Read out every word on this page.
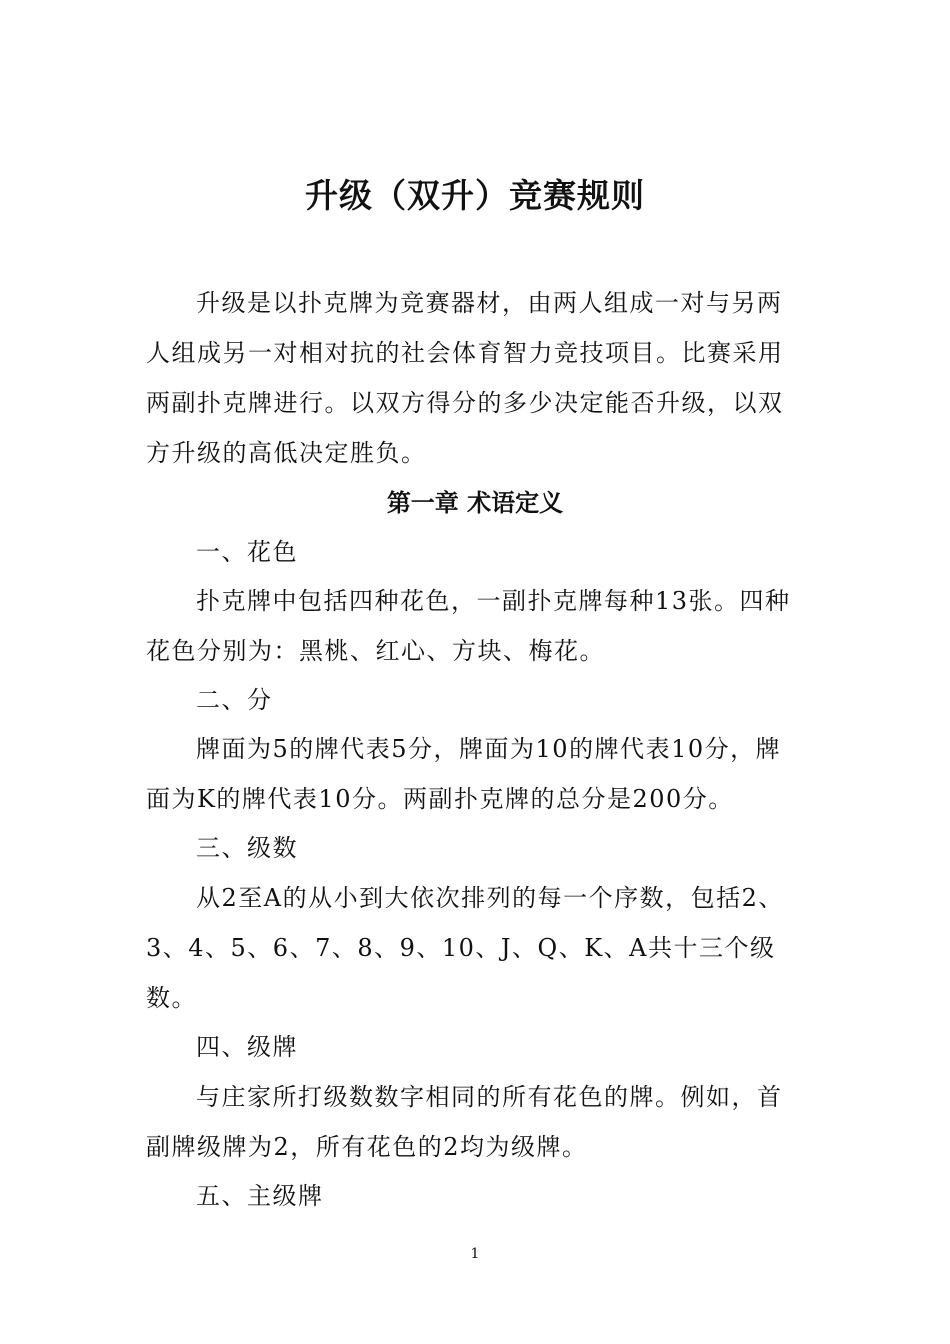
升级（双升）竞赛规则

升级是以扑克牌为竞赛器材，由两人组成一对与另两人组成另一对相对抗的社会体育智力竞技项目。比赛采用两副扑克牌进行。以双方得分的多少决定能否升级，以双方升级的高低决定胜负。

第一章 术语定义

一、花色

扑克牌中包括四种花色，一副扑克牌每种13张。四种花色分别为：黑桃、红心、方块、梅花。

二、分

牌面为5的牌代表5分，牌面为10的牌代表10分，牌面为K的牌代表10分。两副扑克牌的总分是200分。

三、级数

从2至A的从小到大依次排列的每一个序数，包括2、3、4、5、6、7、8、9、10、J、Q、K、A共十三个级数。

四、级牌

与庄家所打级数数字相同的所有花色的牌。例如，首副牌级牌为2，所有花色的2均为级牌。

五、主级牌

1
